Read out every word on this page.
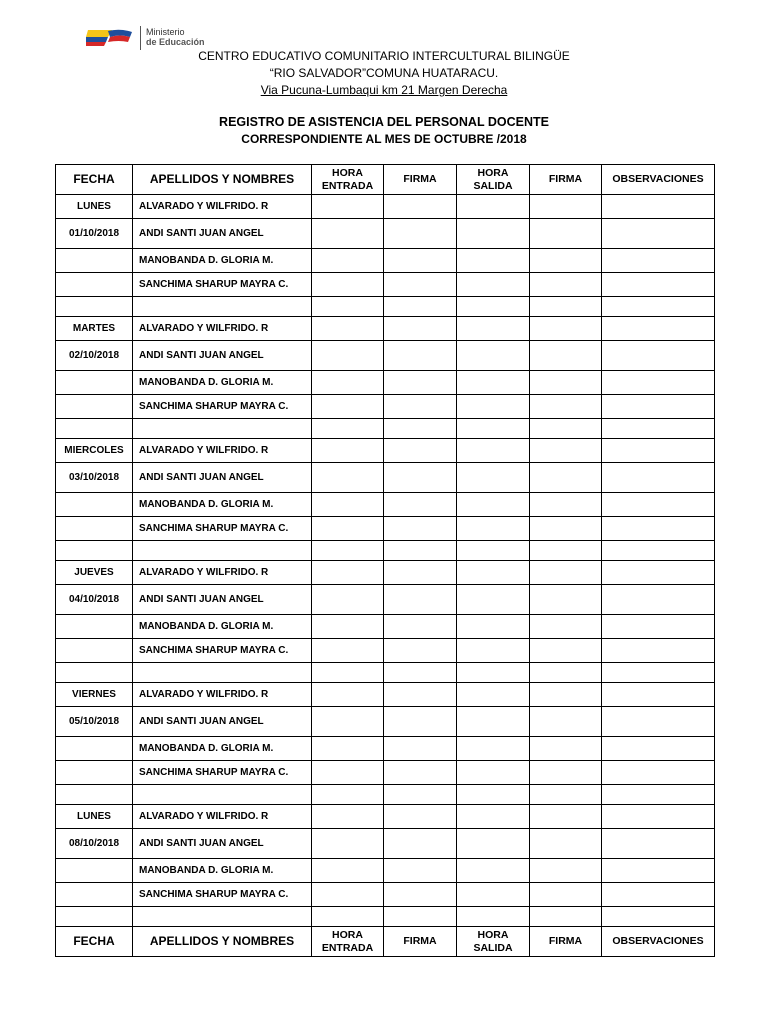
Ministerio
de Educación
CENTRO EDUCATIVO COMUNITARIO INTERCULTURAL BILINGÜE
“RIO SALVADOR”COMUNA HUATARACU.
Via Pucuna-Lumbaqui km 21 Margen Derecha
REGISTRO DE ASISTENCIA DEL PERSONAL DOCENTE
CORRESPONDIENTE AL MES DE OCTUBRE /2018
FECHA	APELLIDOS Y NOMBRES	HORA ENTRADA	FIRMA	HORA SALIDA	FIRMA	OBSERVACIONES
LUNES	ALVARADO Y WILFRIDO. R					
01/10/2018	ANDI SANTI JUAN ANGEL					
	MANOBANDA D. GLORIA M.					
	SANCHIMA SHARUP MAYRA C.					

MARTES	ALVARADO Y WILFRIDO. R					
02/10/2018	ANDI SANTI JUAN ANGEL					
	MANOBANDA D. GLORIA M.					
	SANCHIMA SHARUP MAYRA C.					

MIERCOLES	ALVARADO Y WILFRIDO. R					
03/10/2018	ANDI SANTI JUAN ANGEL					
	MANOBANDA D. GLORIA M.					
	SANCHIMA SHARUP MAYRA C.					

JUEVES	ALVARADO Y WILFRIDO. R					
04/10/2018	ANDI SANTI JUAN ANGEL					
	MANOBANDA D. GLORIA M.					
	SANCHIMA SHARUP MAYRA C.					

VIERNES	ALVARADO Y WILFRIDO. R					
05/10/2018	ANDI SANTI JUAN ANGEL					
	MANOBANDA D. GLORIA M.					
	SANCHIMA SHARUP MAYRA C.					

LUNES	ALVARADO Y WILFRIDO. R					
08/10/2018	ANDI SANTI JUAN ANGEL					
	MANOBANDA D. GLORIA M.					
	SANCHIMA SHARUP MAYRA C.					

FECHA	APELLIDOS Y NOMBRES	HORA ENTRADA	FIRMA	HORA SALIDA	FIRMA	OBSERVACIONES
